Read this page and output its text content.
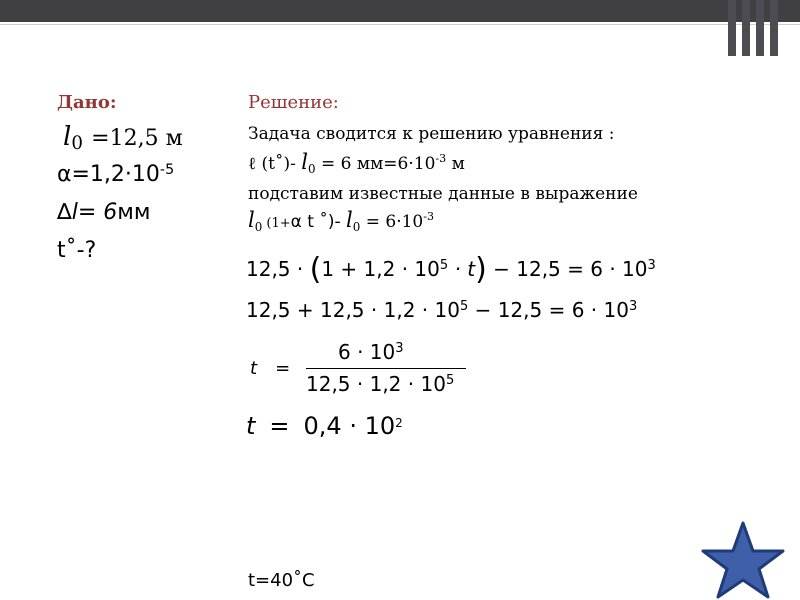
Дано:
$l_0 =12,5$ м
$\alpha=1,2\cdot 10^{-5}$
∆l= 6мм
t˚-?
Решение:
Задача сводится к решению уравнения :
ℓ (t˚)- $l_0 = 6$ $мм=6\cdot 10^{-3}$ м
подставим известные данные в выражение
$l_0$ (1+α t ˚)- $l_0 = 6\cdot 10^{-3}$
$12,5 \cdot (1 + 1,2 \cdot 10^5 \cdot t) - 12,5 = 6 \cdot 10^3$
$12,5 + 12,5 \cdot 1,2 \cdot 10^5 - 12,5 = 6 \cdot 10^3$
t =
$6 \cdot 10^3$
$12,5 \cdot 1,2 \cdot 10^5$
$t = 0,4 \cdot 10^2$
t=40˚С
